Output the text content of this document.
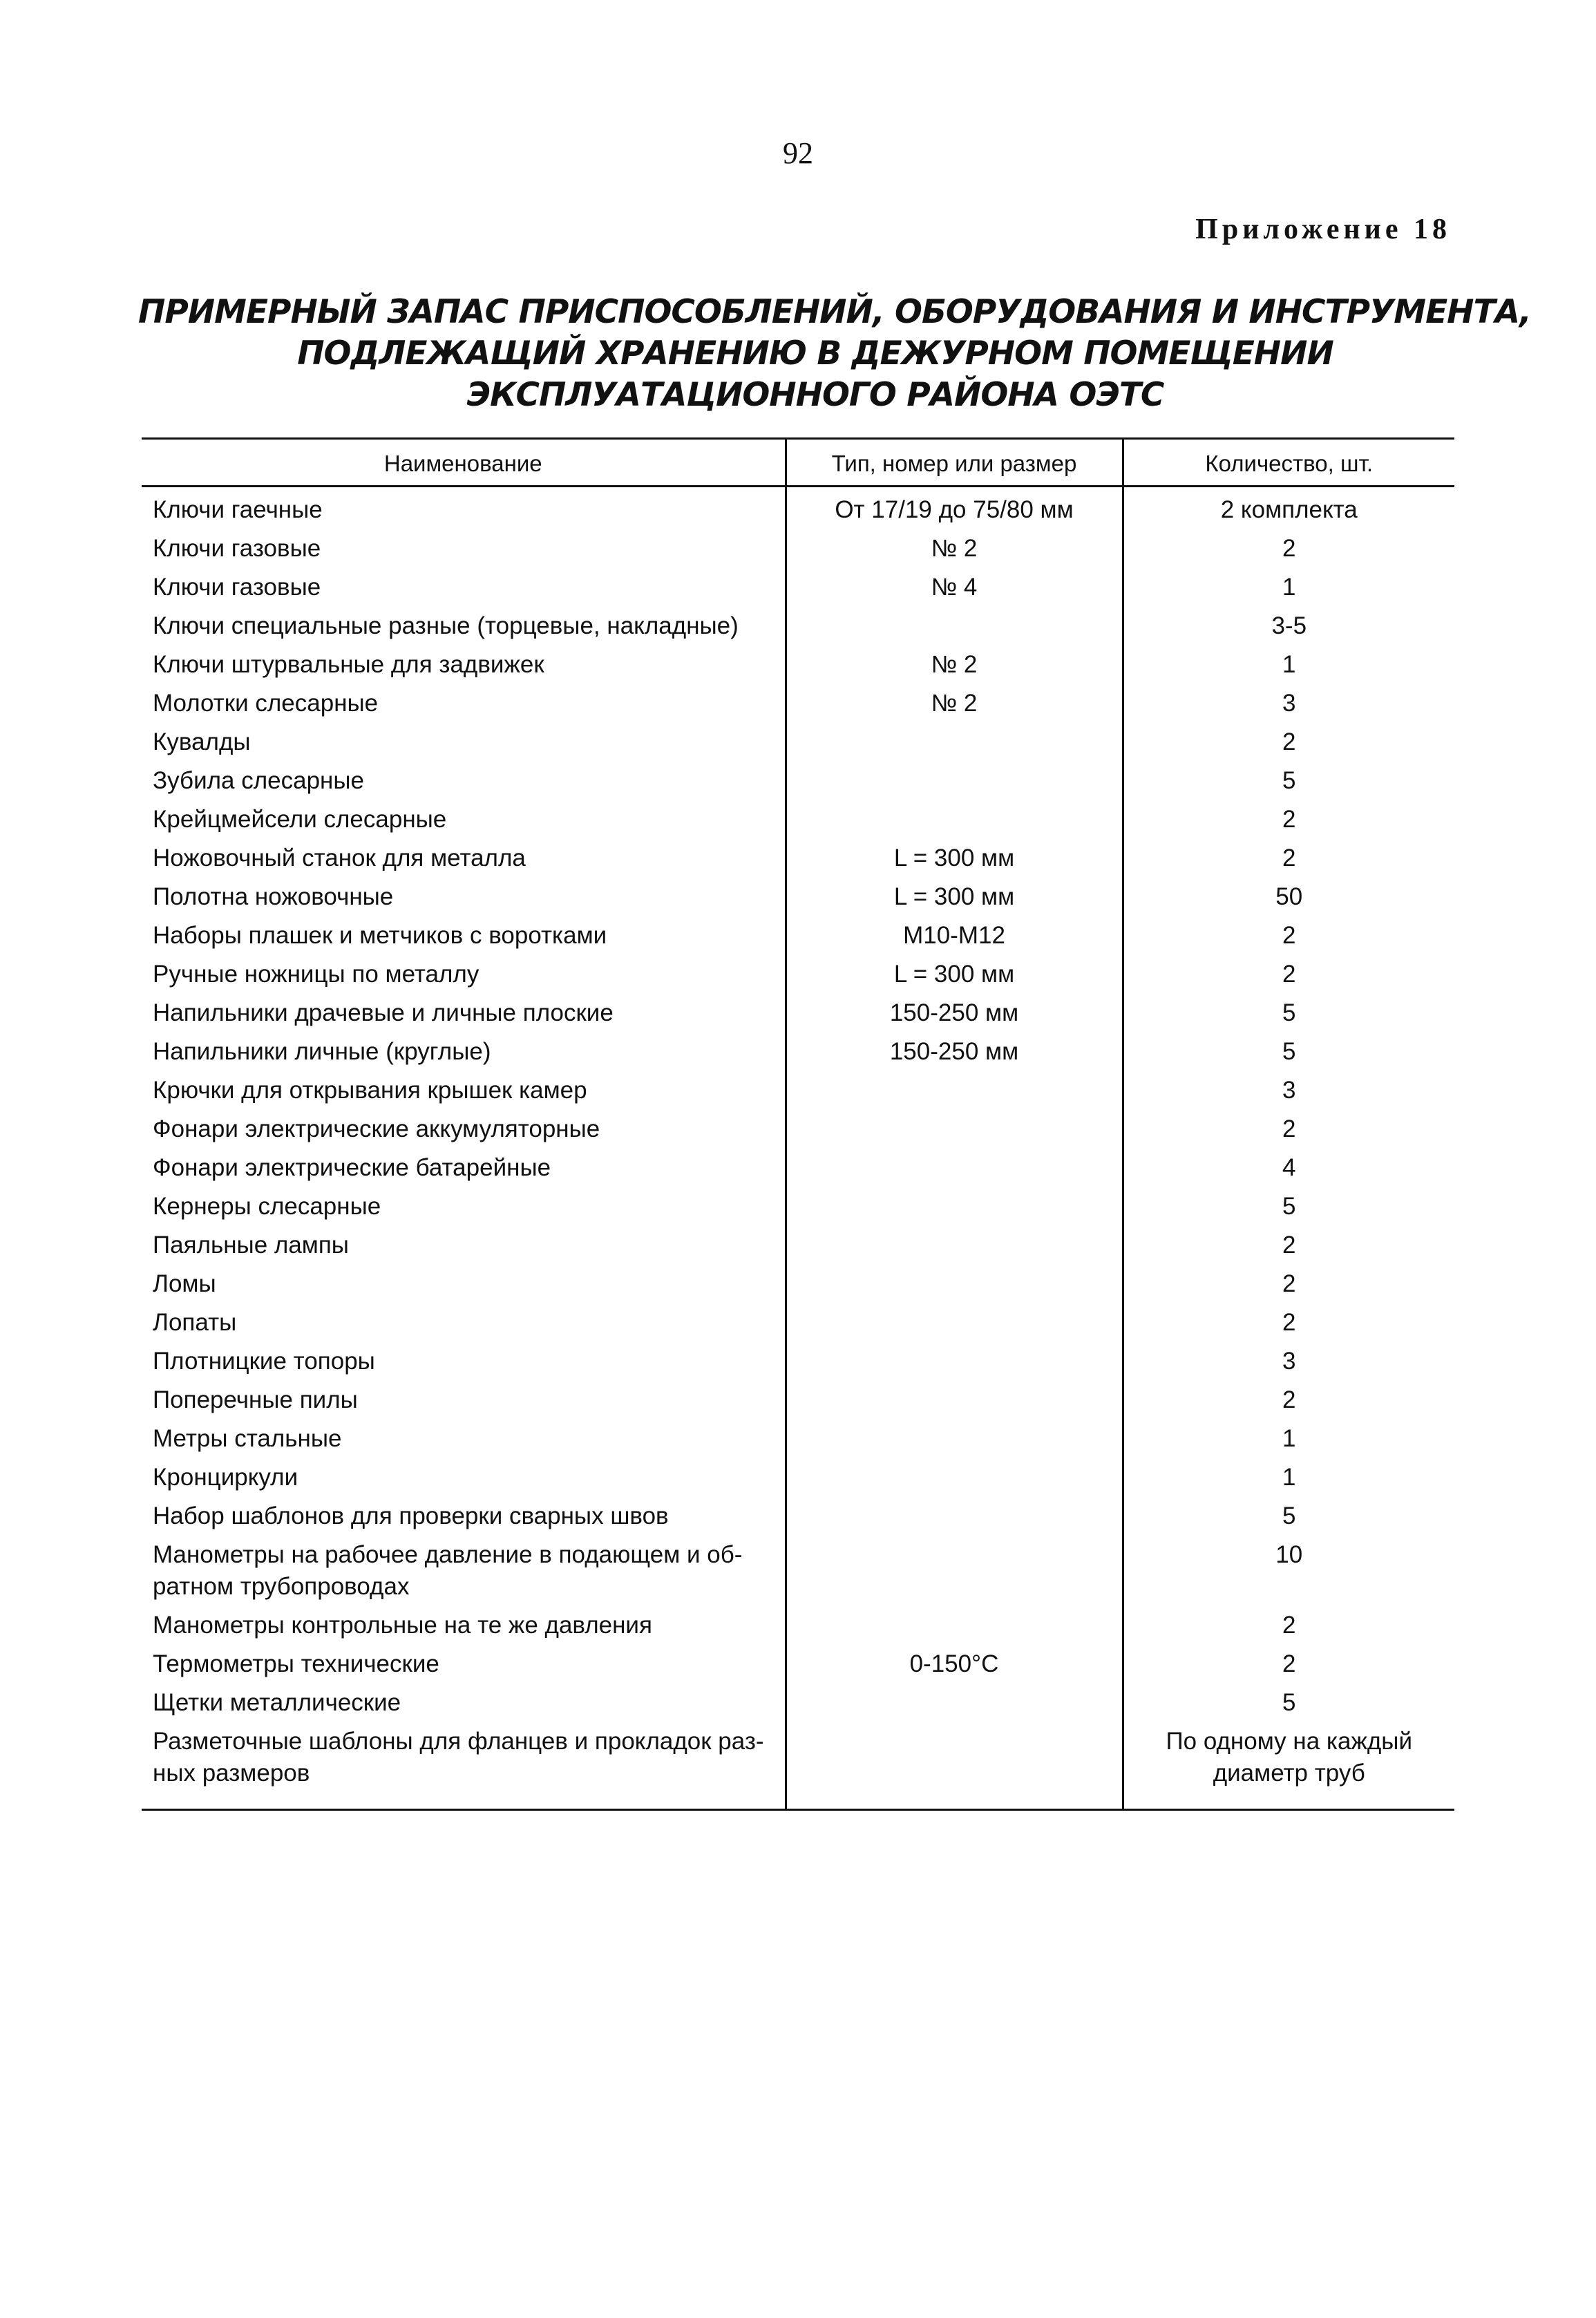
92
Приложение 18
ПРИМЕРНЫЙ ЗАПАС ПРИСПОСОБЛЕНИЙ, ОБОРУДОВАНИЯ И ИНСТРУМЕНТА,
ПОДЛЕЖАЩИЙ ХРАНЕНИЮ В ДЕЖУРНОМ ПОМЕЩЕНИИ
ЭКСПЛУАТАЦИОННОГО РАЙОНА ОЭТС
Наименование	Тип, номер или размер	Количество, шт.
Ключи гаечные	От 17/19 до 75/80 мм	2 комплекта
Ключи газовые	№ 2	2
Ключи газовые	№ 4	1
Ключи специальные разные (торцевые, накладные)		3-5
Ключи штурвальные для задвижек	№ 2	1
Молотки слесарные	№ 2	3
Кувалды		2
Зубила слесарные		5
Крейцмейсели слесарные		2
Ножовочный станок для металла	L = 300 мм	2
Полотна ножовочные	L = 300 мм	50
Наборы плашек и метчиков с воротками	М10-М12	2
Ручные ножницы по металлу	L = 300 мм	2
Напильники драчевые и личные плоские	150-250 мм	5
Напильники личные (круглые)	150-250 мм	5
Крючки для открывания крышек камер		3
Фонари электрические аккумуляторные		2
Фонари электрические батарейные		4
Кернеры слесарные		5
Паяльные лампы		2
Ломы		2
Лопаты		2
Плотницкие топоры		3
Поперечные пилы		2
Метры стальные		1
Кронциркули		1
Набор шаблонов для проверки сварных швов		5
Манометры на рабочее давление в подающем и об-
ратном трубопроводах		10
Манометры контрольные на те же давления		2
Термометры технические	0-150°С	2
Щетки металлические		5
Разметочные шаблоны для фланцев и прокладок раз-
ных размеров		По одному на каждый
диаметр труб
